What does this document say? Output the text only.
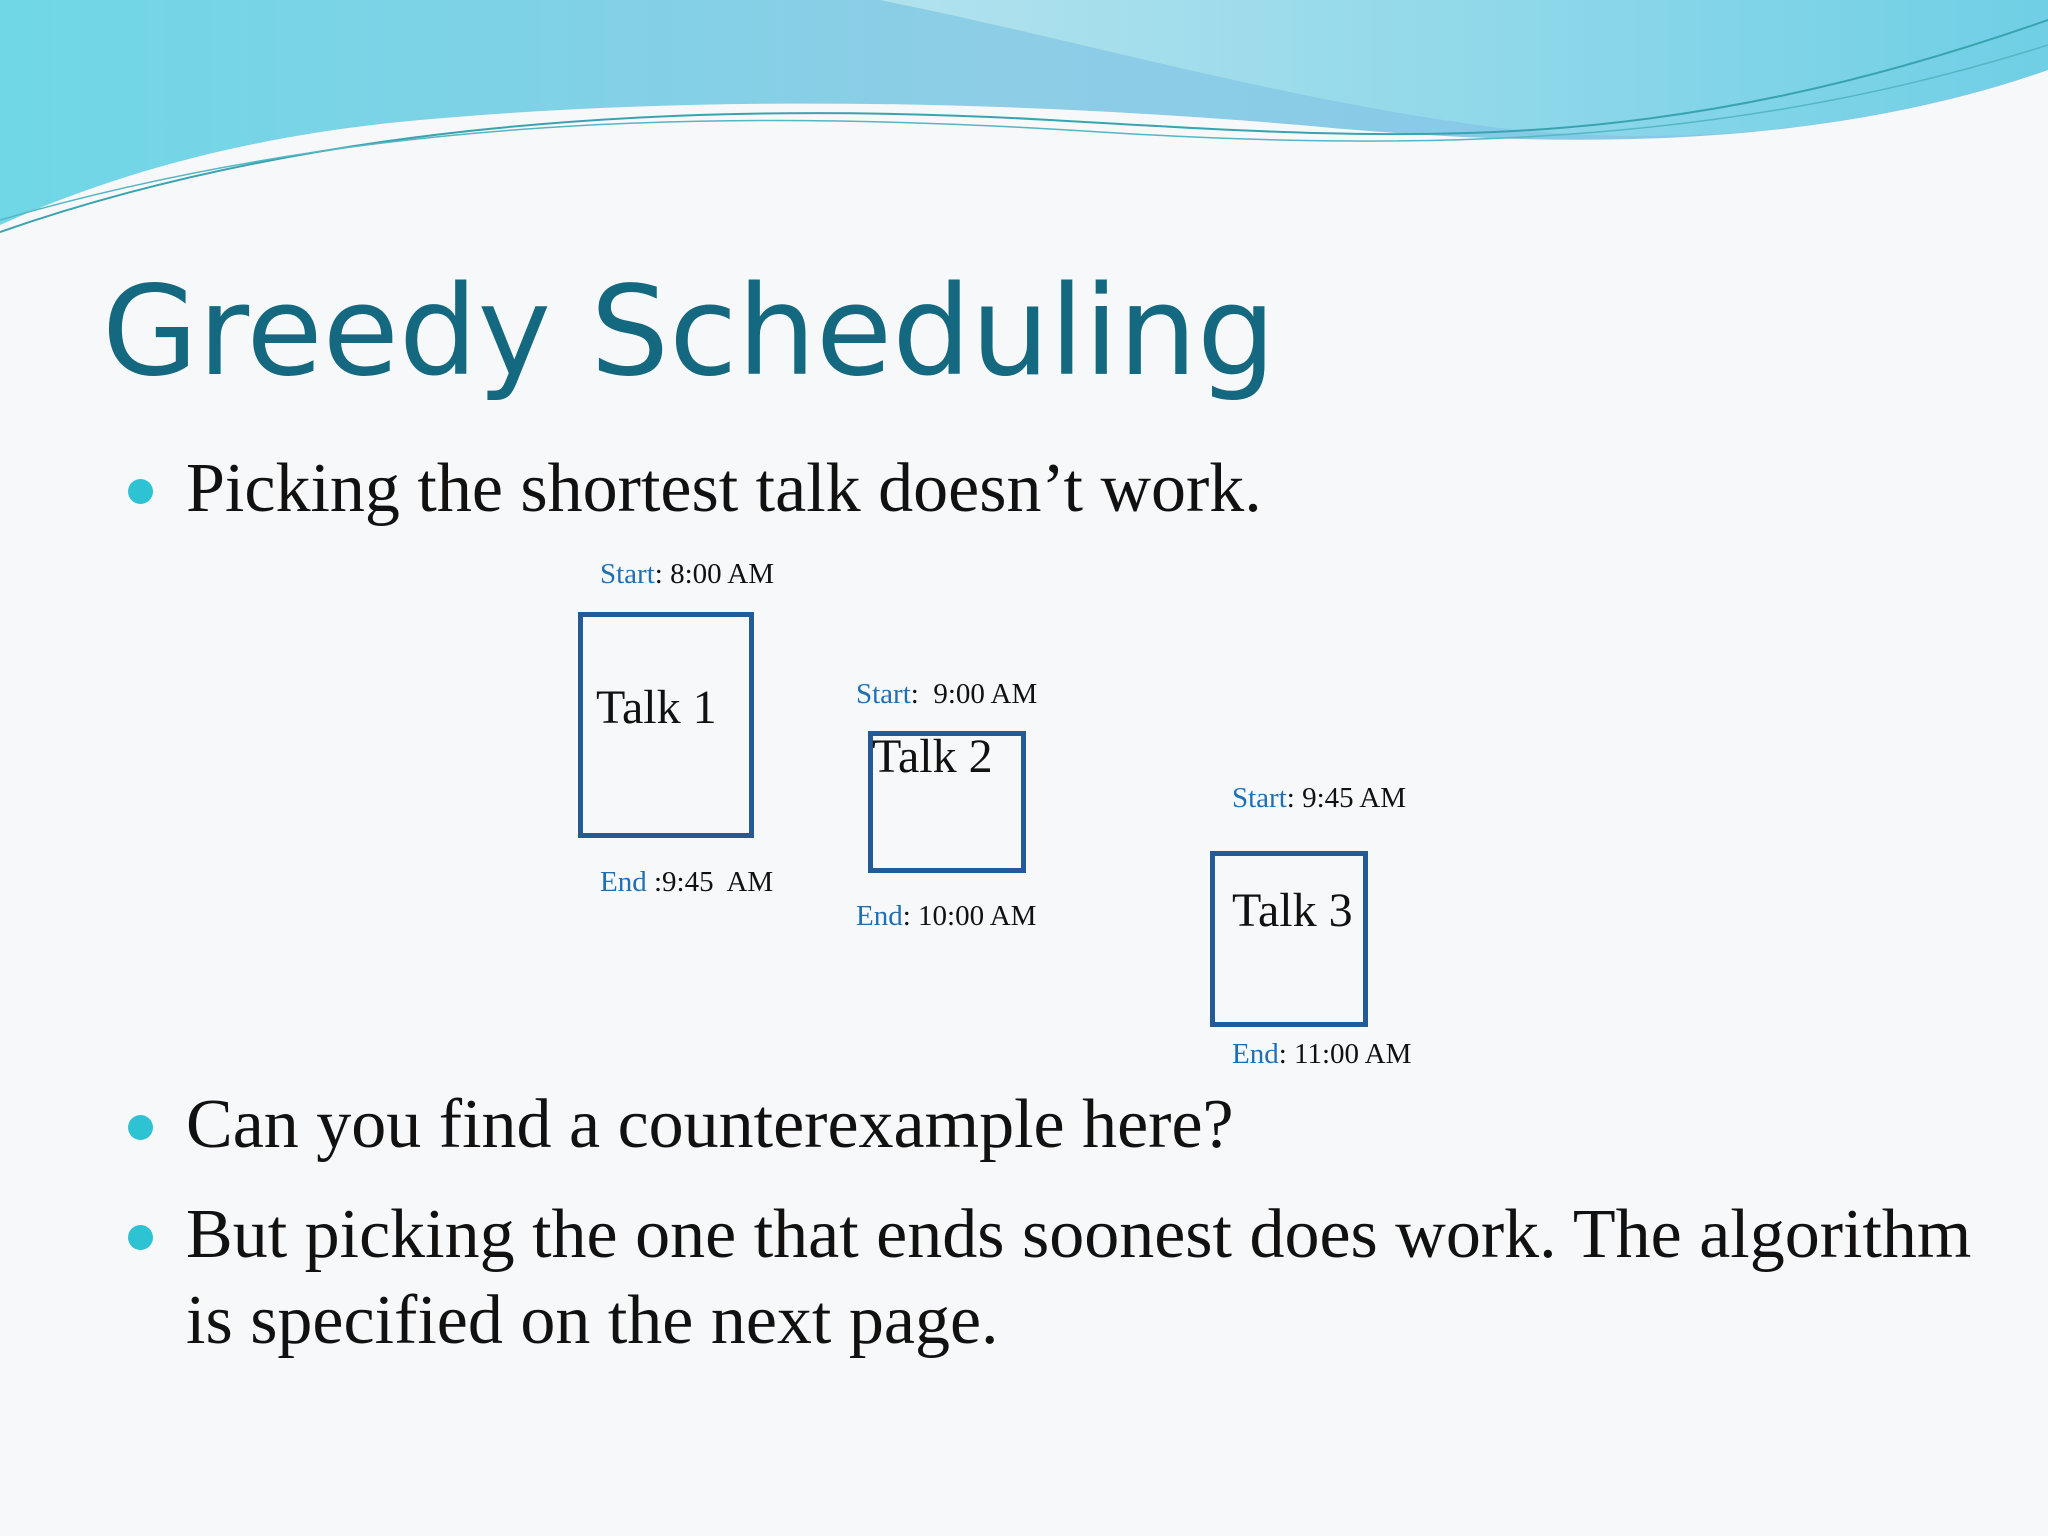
Greedy Scheduling

Picking the shortest talk doesn’t work.

Start: 8:00 AM
Talk 1
End :9:45  AM
Start:  9:00 AM
Talk 2
End: 10:00 AM
Start: 9:45 AM
Talk 3
End: 11:00 AM

Can you find a counterexample here?

But picking the one that ends soonest does work. The algorithm is specified on the next page.
